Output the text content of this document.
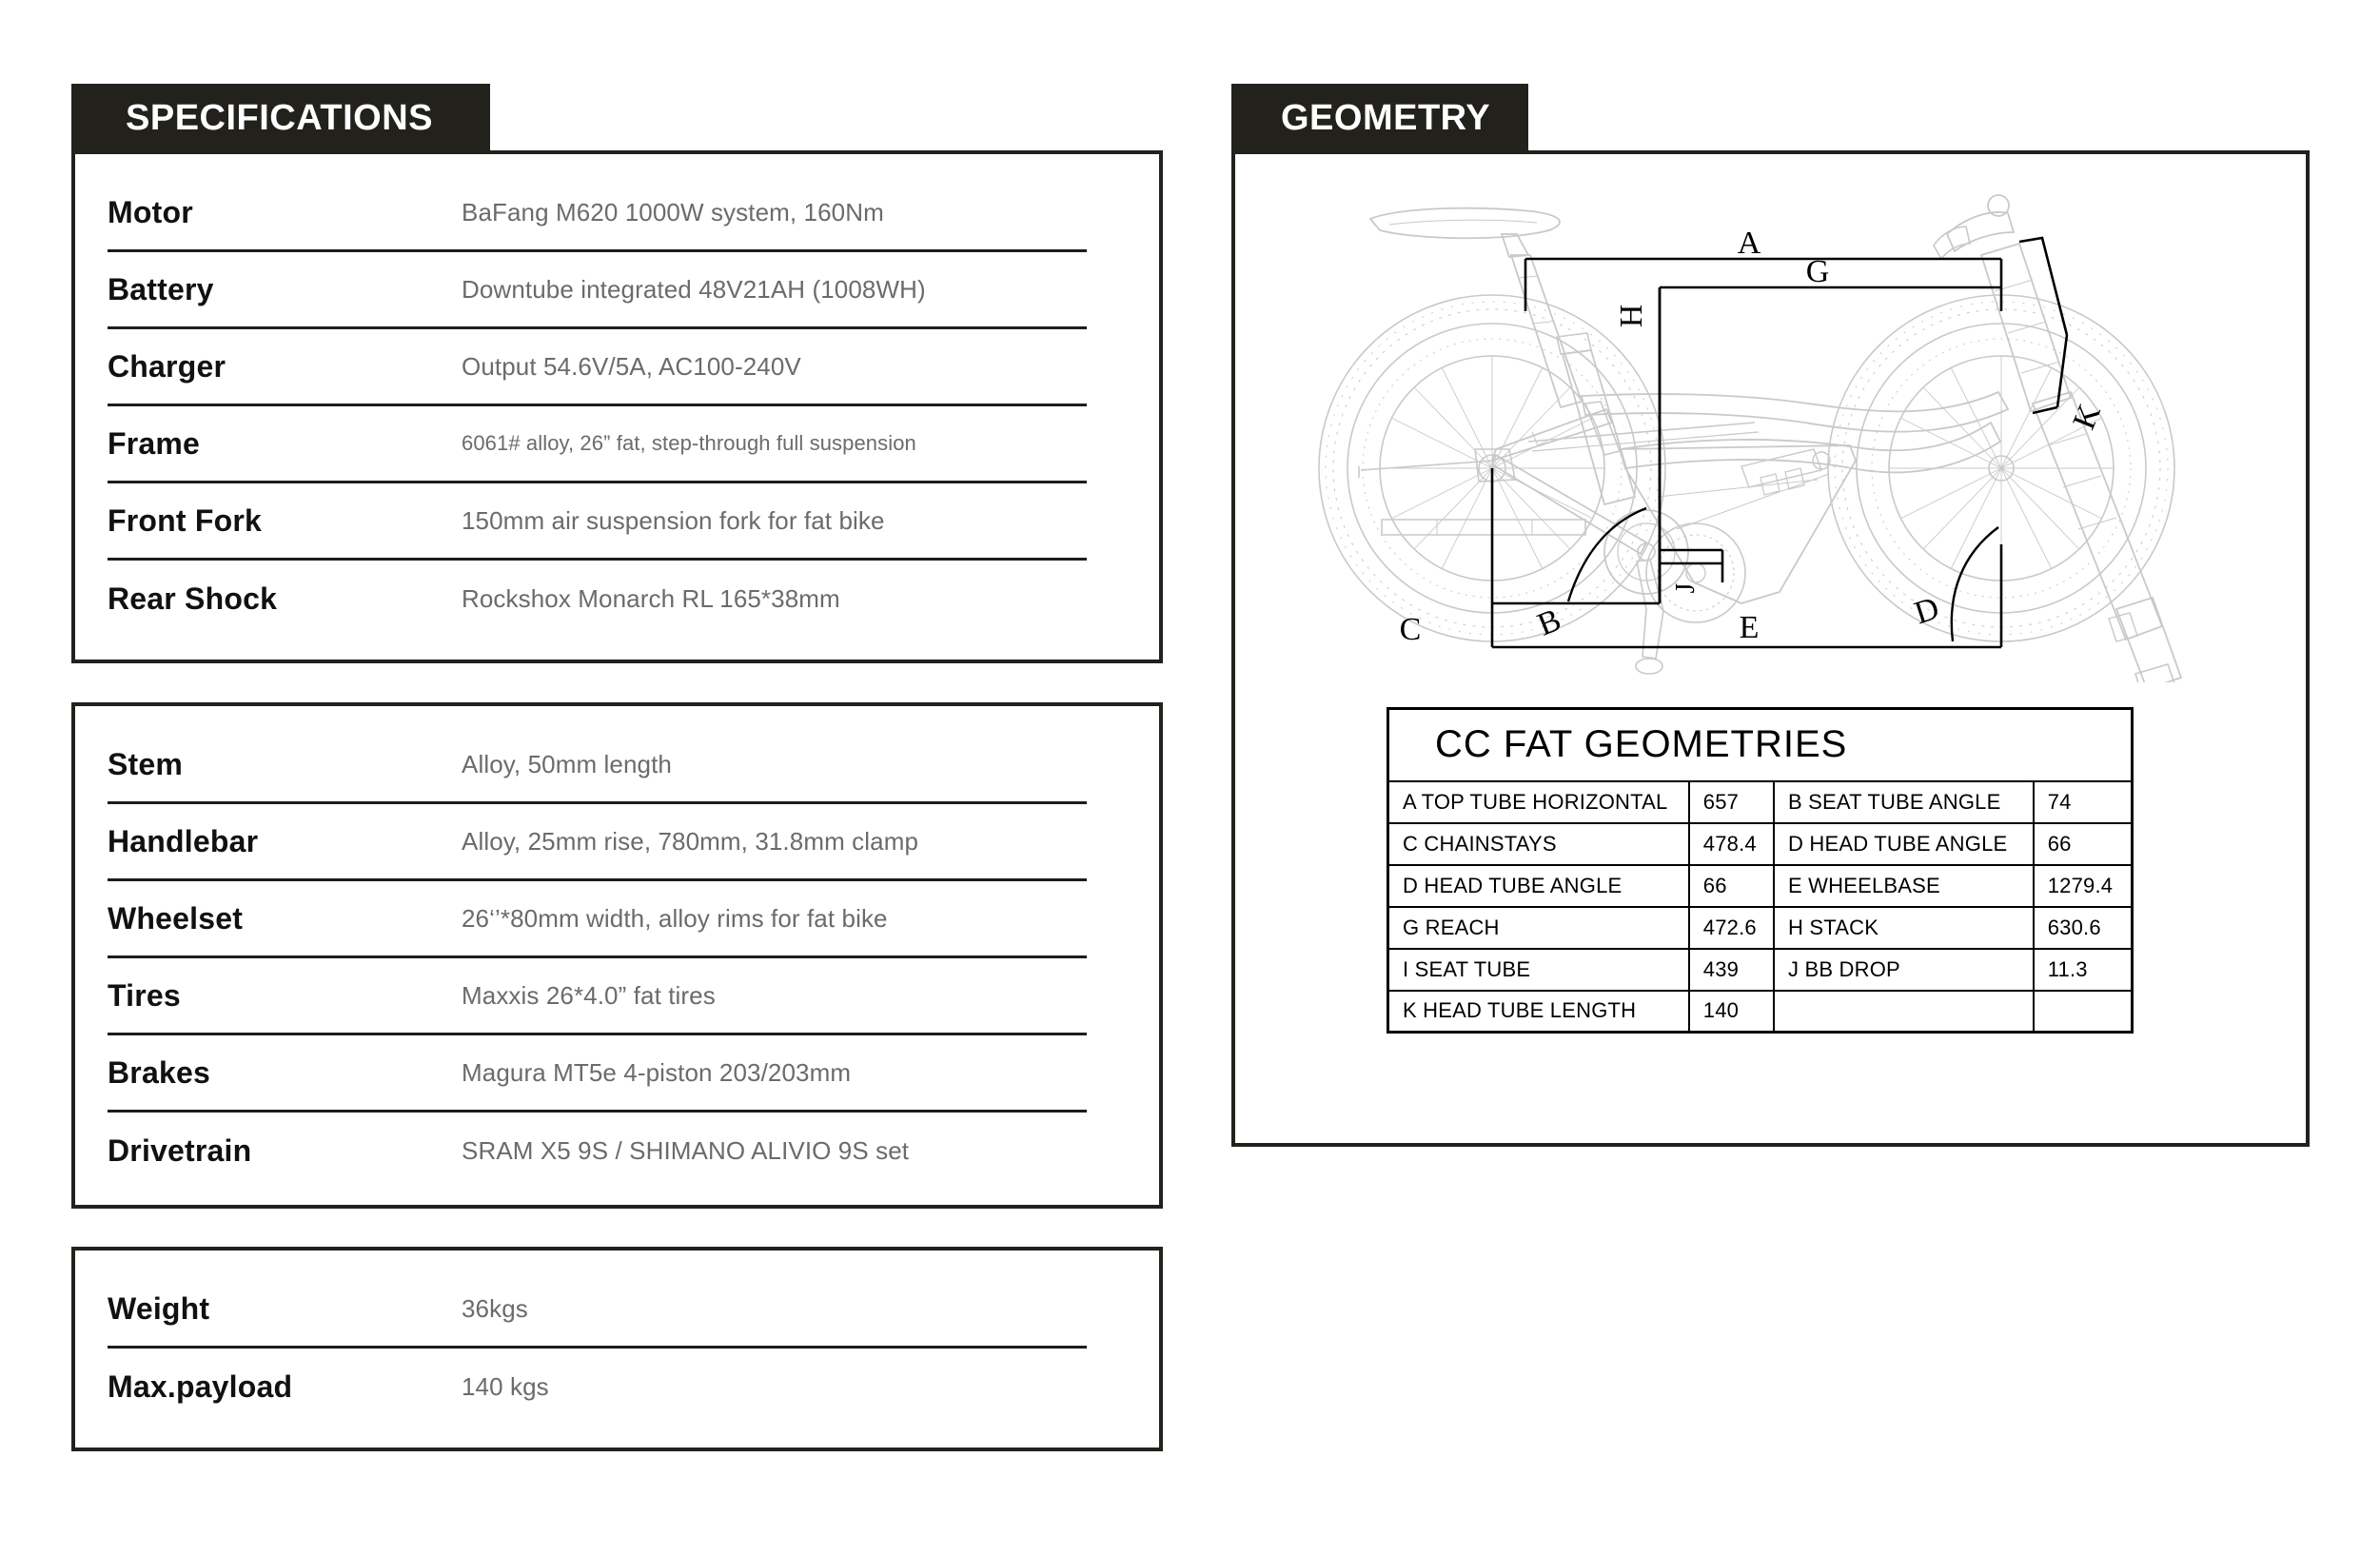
SPECIFICATIONS	GEOMETRY
Motor	BaFang M620 1000W system, 160Nm
Battery	Downtube integrated 48V21AH (1008WH)
Charger	Output 54.6V/5A, AC100-240V
Frame	6061# alloy, 26” fat, step-through full suspension
Front Fork	150mm air suspension fork for fat bike
Rear Shock	Rockshox Monarch RL 165*38mm
Stem	Alloy, 50mm length
Handlebar	Alloy, 25mm rise, 780mm, 31.8mm clamp
Wheelset	26‘’*80mm width, alloy rims for fat bike
Tires	Maxxis 26*4.0” fat tires
Brakes	Magura MT5e 4-piston 203/203mm
Drivetrain	SRAM X5 9S / SHIMANO ALIVIO 9S set
Weight	36kgs
Max.payload	140 kgs
A
G
H
K
B
C	D
E
J
CC FAT GEOMETRIES			
A TOP TUBE HORIZONTAL	657	B SEAT TUBE ANGLE	74
C CHAINSTAYS	478.4	D HEAD TUBE ANGLE	66
D HEAD TUBE ANGLE	66	E WHEELBASE	1279.4
G REACH	472.6	H STACK	630.6
I SEAT TUBE	439	J BB DROP	11.3
K HEAD TUBE LENGTH	140		
